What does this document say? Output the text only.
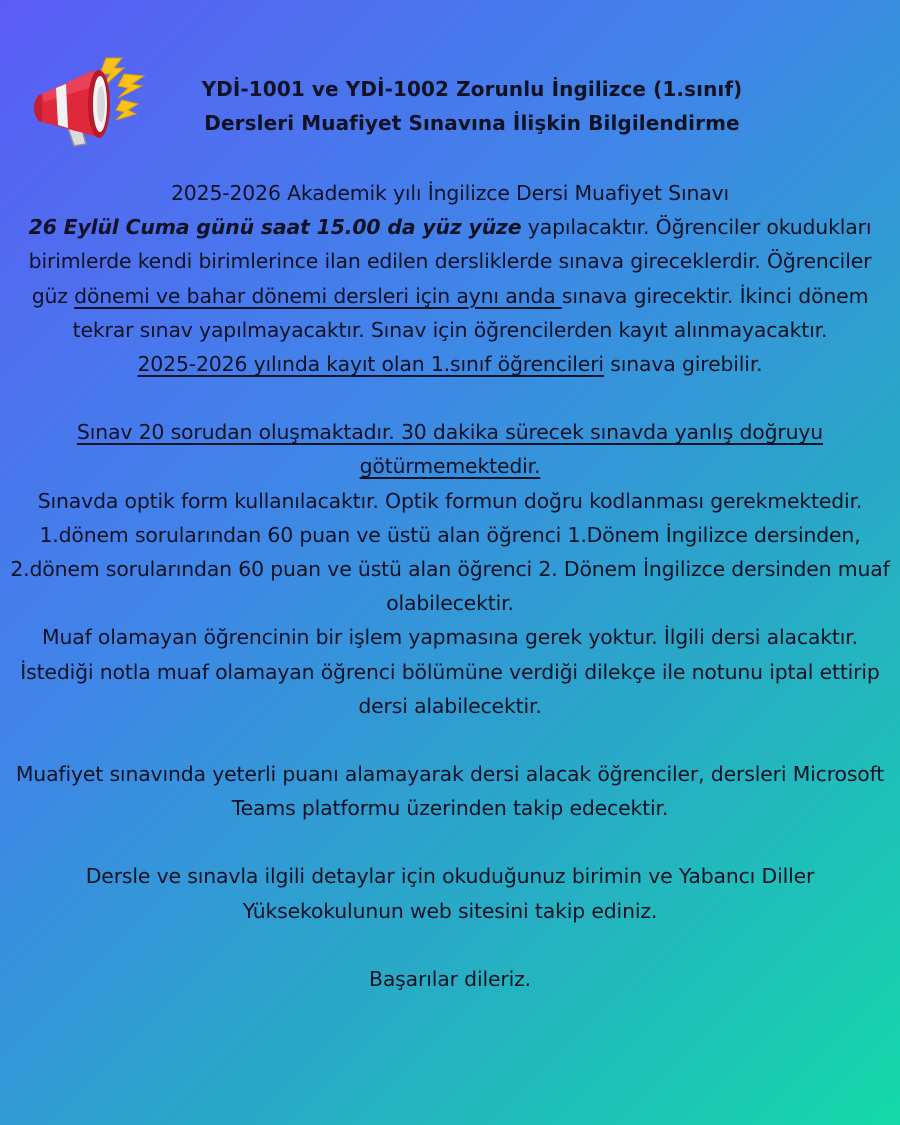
YDİ-1001 ve YDİ-1002 Zorunlu İngilizce (1.sınıf)

Dersleri Muafiyet Sınavına İlişkin Bilgilendirme

2025-2026 Akademik yılı İngilizce Dersi Muafiyet Sınavı
26 Eylül Cuma günü saat 15.00 da yüz yüze yapılacaktır. Öğrenciler okudukları birimlerde kendi birimlerince ilan edilen dersliklerde sınava gireceklerdir. Öğrenciler güz dönemi ve bahar dönemi dersleri için aynı anda sınava girecektir. İkinci dönem tekrar sınav yapılmayacaktır. Sınav için öğrencilerden kayıt alınmayacaktır.
2025-2026 yılında kayıt olan 1.sınıf öğrencileri sınava girebilir.

Sınav 20 sorudan oluşmaktadır. 30 dakika sürecek sınavda yanlış doğruyu götürmemektedir.
Sınavda optik form kullanılacaktır. Optik formun doğru kodlanması gerekmektedir.
1.dönem sorularından 60 puan ve üstü alan öğrenci 1.Dönem İngilizce dersinden, 2.dönem sorularından 60 puan ve üstü alan öğrenci 2. Dönem İngilizce dersinden muaf olabilecektir.
Muaf olamayan öğrencinin bir işlem yapmasına gerek yoktur. İlgili dersi alacaktır. İstediği notla muaf olamayan öğrenci bölümüne verdiği dilekçe ile notunu iptal ettirip dersi alabilecektir.

Muafiyet sınavında yeterli puanı alamayarak dersi alacak öğrenciler, dersleri Microsoft Teams platformu üzerinden takip edecektir.

Dersle ve sınavla ilgili detaylar için okuduğunuz birimin ve Yabancı Diller Yüksekokulunun web sitesini takip ediniz.

Başarılar dileriz.
